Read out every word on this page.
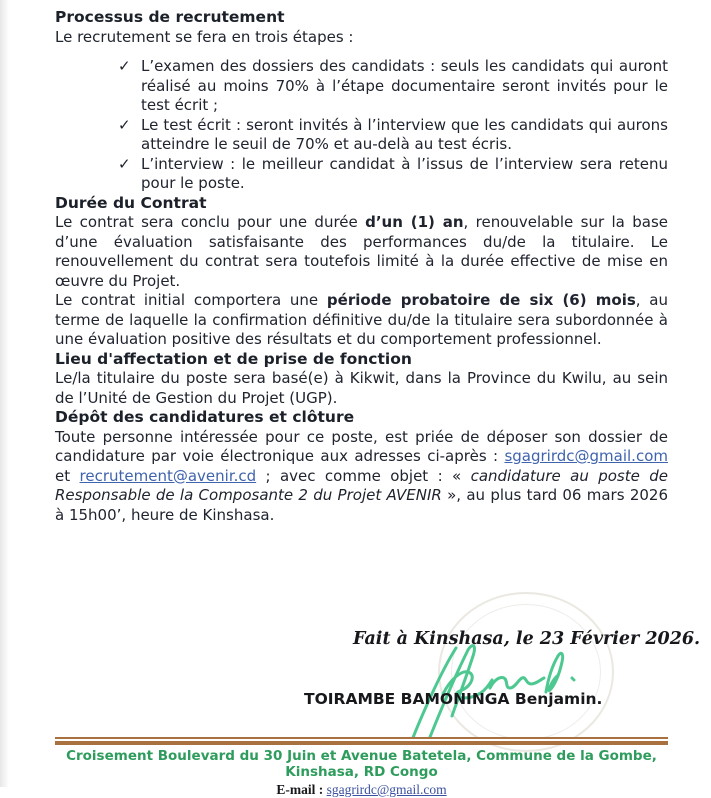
Processus de recrutement

Le recrutement se fera en trois étapes :

✓ L’examen des dossiers des candidats : seuls les candidats qui auront réalisé au moins 70% à l’étape documentaire seront invités pour le test écrit ;
✓ Le test écrit : seront invités à l’interview que les candidats qui aurons atteindre le seuil de 70% et au-delà au test écris.
✓ L’interview : le meilleur candidat à l’issus de l’interview sera retenu pour le poste.
Durée du Contrat

Le contrat sera conclu pour une durée d’un (1) an, renouvelable sur la base d’une évaluation satisfaisante des performances du/de la titulaire. Le renouvellement du contrat sera toutefois limité à la durée effective de mise en œuvre du Projet.

Le contrat initial comportera une période probatoire de six (6) mois, au terme de laquelle la confirmation définitive du/de la titulaire sera subordonnée à une évaluation positive des résultats et du comportement professionnel.

Lieu d'affectation et de prise de fonction

Le/la titulaire du poste sera basé(e) à Kikwit, dans la Province du Kwilu, au sein de l’Unité de Gestion du Projet (UGP).

Dépôt des candidatures et clôture

Toute personne intéressée pour ce poste, est priée de déposer son dossier de candidature par voie électronique aux adresses ci-après : sgagrirdc@gmail.com et recrutement@avenir.cd ; avec comme objet : « candidature au poste de Responsable de la Composante 2 du Projet AVENIR », au plus tard 06 mars 2026 à 15h00’, heure de Kinshasa.

Fait à Kinshasa, le 23 Février 2026.
TOIRAMBE BAMONINGA Benjamin.
Croisement Boulevard du 30 Juin et Avenue Batetela, Commune de la Gombe, Kinshasa, RD Congo
E-mail : sgagrirdc@gmail.com
